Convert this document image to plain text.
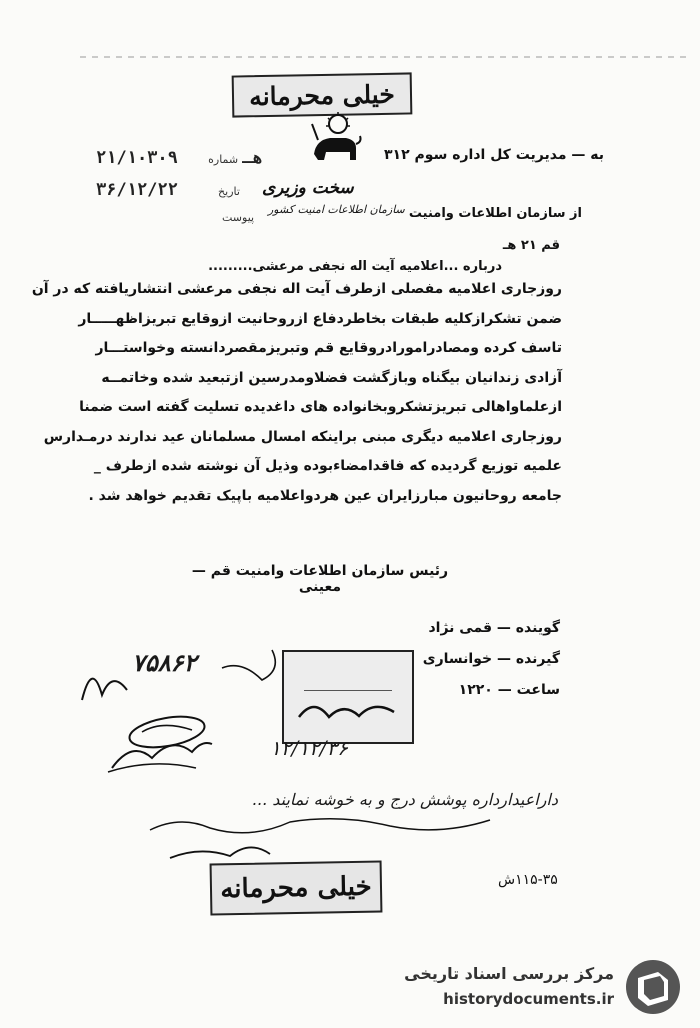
خیلی محرمانه
سخت وزیری
۲۱/۱۰۳۰۹ هـ شماره
۳۶/۱۲/۲۲	تاریخ
پیوست
به — مدیریت کل اداره سوم ۳۱۲
از سازمان اطلاعات وامنیت
سازمان اطلاعات امنیت کشور
قم ۲۱ هـ
درباره ...اعلامیه آیت اله نجفی مرعشی.........

روزجاری اعلامیه مفصلی ازطرف آیت اله نجفی مرعشی انتشاریافته که در آن

ضمن تشکرازکلیه طبقات بخاطردفاع ازروحانیت ازوقایع تبریزاظهـــــار

تاسف کرده ومصادرامورادروقایع قم وتبریزمقصردانسته وخواستـــار

آزادی زندانیان بیگناه وبازگشت فضلاومدرسین ازتبعید شده وخاتمــه

ازعلماواهالی تبریزتشکروبخانواده های داغدیده تسلیت گفته است ضمنا

روزجاری اعلامیه دیگری مبنی براینکه امسال مسلمانان عید ندارند درمـدارس

علمیه توزیع گردیده که فاقدامضاءبوده وذیل آن نوشته شده ازطرف _

جامعه روحانیون مبارزایران عین هردواعلامیه باپیک تقدیم خواهد شد .

رئیس سازمان اطلاعات وامنیت قم — معینی
گوینده — قمی نژاد
گیرنده — خوانساری
ساعت — ۱۲۲۰
۷۵۸۶۲
۱۲/۱۲/۳۶
داراعیدارداره پوشش درج و به خوشه نمایند ...
خیلی محرمانه	۱۱۵-۳۵ش
مرکز بررسی اسناد تاریخی
historydocuments.ir
